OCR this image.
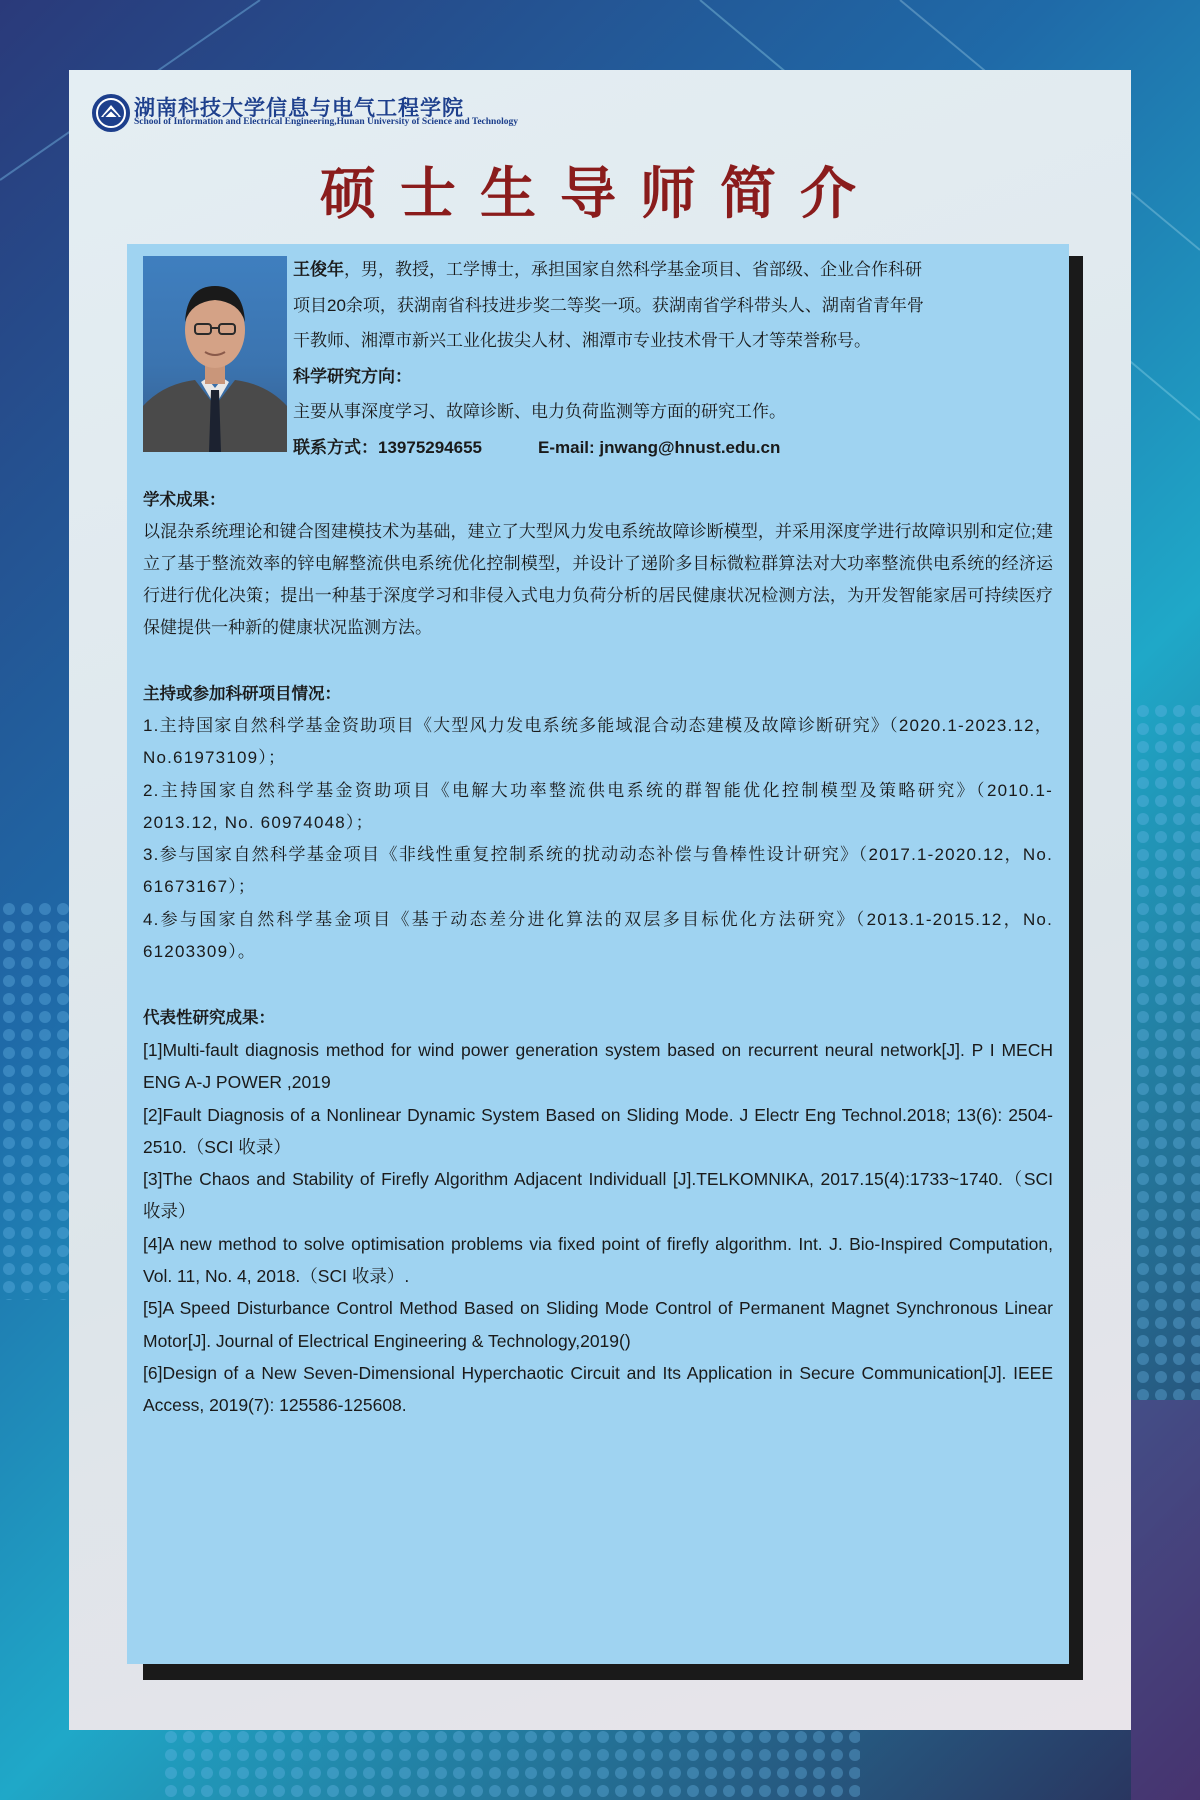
湖南科技大学信息与电气工程学院
School of Information and Electrical Engineering,Hunan University of Science and Technology
硕士生导师简介
王俊年，男，教授，工学博士，承担国家自然科学基金项目、省部级、企业合作科研
项目20余项，获湖南省科技进步奖二等奖一项。获湖南省学科带头人、湖南省青年骨
干教师、湘潭市新兴工业化拔尖人材、湘潭市专业技术骨干人才等荣誉称号。
科学研究方向：
主要从事深度学习、故障诊断、电力负荷监测等方面的研究工作。
联系方式：13975294655	E-mail: jnwang@hnust.edu.cn
学术成果：
以混杂系统理论和键合图建模技术为基础，建立了大型风力发电系统故障诊断模型，并采用深度学进行故障识别和定位;建立了基于整流效率的锌电解整流供电系统优化控制模型，并设计了递阶多目标微粒群算法对大功率整流供电系统的经济运行进行优化决策；提出一种基于深度学习和非侵入式电力负荷分析的居民健康状况检测方法，为开发智能家居可持续医疗保健提供一种新的健康状况监测方法。
主持或参加科研项目情况：
1.主持国家自然科学基金资助项目《大型风力发电系统多能域混合动态建模及故障诊断研究》（2020.1-2023.12，No.61973109）；
2.主持国家自然科学基金资助项目《电解大功率整流供电系统的群智能优化控制模型及策略研究》（2010.1-2013.12, No. 60974048）；
3.参与国家自然科学基金项目《非线性重复控制系统的扰动动态补偿与鲁棒性设计研究》（2017.1-2020.12，No. 61673167）；
4.参与国家自然科学基金项目《基于动态差分进化算法的双层多目标优化方法研究》（2013.1-2015.12，No. 61203309）。
代表性研究成果：
[1]Multi-fault diagnosis method for wind power generation system based on recurrent neural network[J]. P I MECH ENG A-J POWER ,2019
[2]Fault Diagnosis of a Nonlinear Dynamic System Based on Sliding Mode. J Electr Eng Technol.2018; 13(6): 2504-2510.（SCI 收录）
[3]The Chaos and Stability of Firefly Algorithm Adjacent Individuall [J].TELKOMNIKA, 2017.15(4):1733~1740.（SCI 收录）
[4]A new method to solve optimisation problems via fixed point of firefly algorithm. Int. J. Bio-Inspired Computation, Vol. 11, No. 4, 2018.（SCI 收录）.
[5]A Speed Disturbance Control Method Based on Sliding Mode Control of Permanent Magnet Synchronous Linear Motor[J]. Journal of Electrical Engineering & Technology,2019()
[6]Design of a New Seven-Dimensional Hyperchaotic Circuit and Its Application in Secure Communication[J]. IEEE Access, 2019(7): 125586-125608.
